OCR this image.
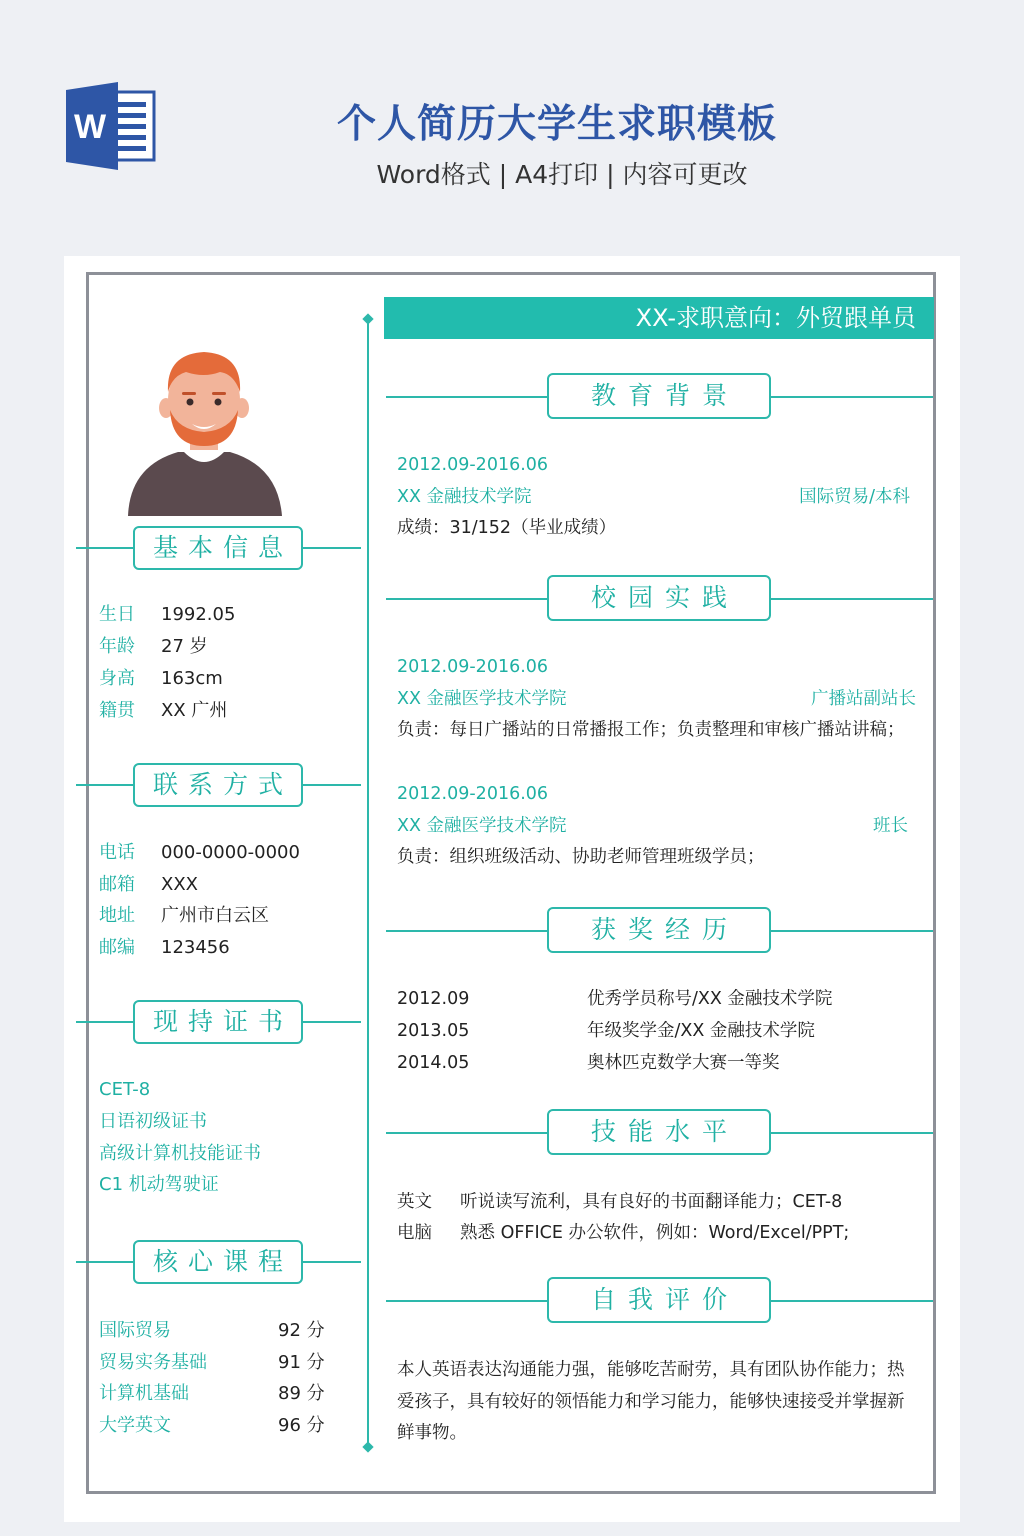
W	个人简历大学生求职模板
Word格式 | A4打印 | 内容可更改
基本信息
生日 1992.05
年龄 27 岁
身高 163cm
籍贯 XX 广州
联系方式
电话 000-0000-0000
邮箱 XXX
地址 广州市白云区
邮编 123456
现持证书
CET-8
日语初级证书
高级计算机技能证书
C1 机动驾驶证
核心课程
国际贸易	92 分
贸易实务基础	91 分
计算机基础	89 分
大学英文	96 分
XX-求职意向：外贸跟单员
教育背景
2012.09-2016.06
XX 金融技术学院	国际贸易/本科
成绩：31/152（毕业成绩）
校园实践
2012.09-2016.06
XX 金融医学技术学院	广播站副站长
负责：每日广播站的日常播报工作；负责整理和审核广播站讲稿；
2012.09-2016.06
XX 金融医学技术学院	班长
负责：组织班级活动、协助老师管理班级学员；
获奖经历
2012.09	优秀学员称号/XX 金融技术学院
2013.05	年级奖学金/XX 金融技术学院
2014.05	奥林匹克数学大赛一等奖
技能水平
英文 听说读写流利，具有良好的书面翻译能力；CET-8
电脑 熟悉 OFFICE 办公软件，例如：Word/Excel/PPT;
自我评价
本人英语表达沟通能力强，能够吃苦耐劳，具有团队协作能力；热
爱孩子，具有较好的领悟能力和学习能力，能够快速接受并掌握新
鲜事物。
